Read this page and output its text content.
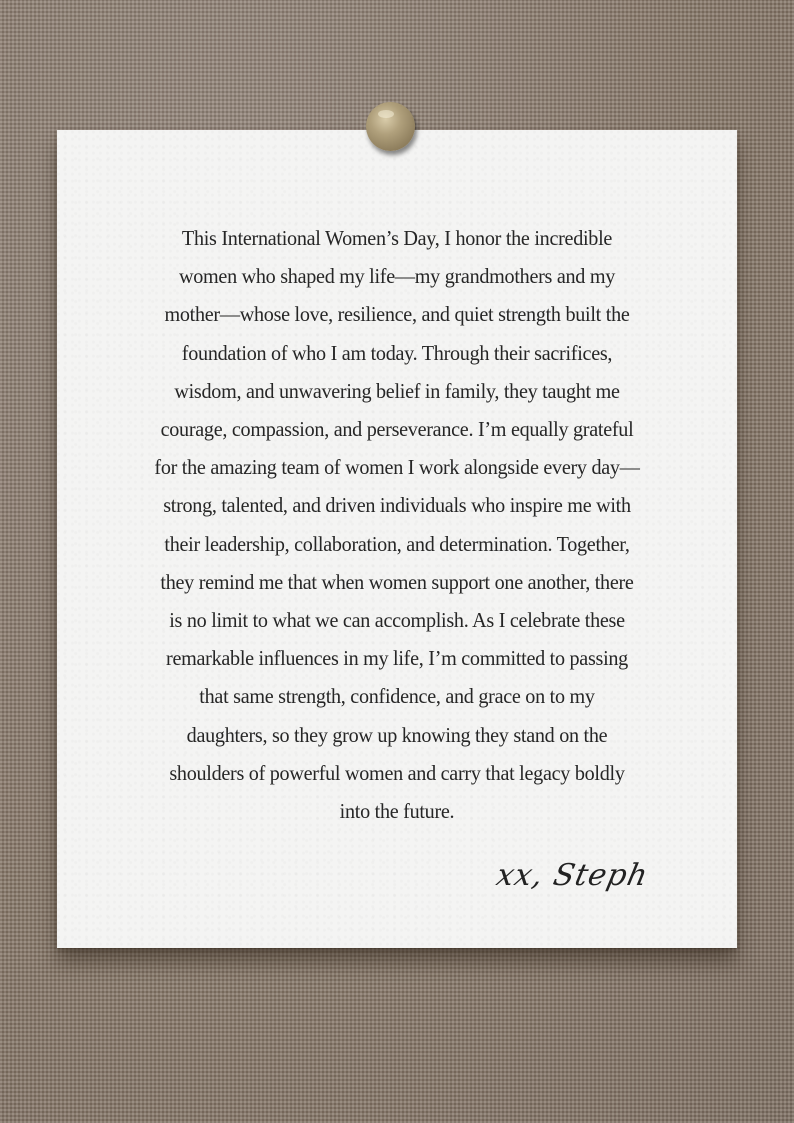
This International Women’s Day, I honor the incredible
women who shaped my life—my grandmothers and my
mother—whose love, resilience, and quiet strength built the
foundation of who I am today. Through their sacrifices,
wisdom, and unwavering belief in family, they taught me
courage, compassion, and perseverance. I’m equally grateful
for the amazing team of women I work alongside every day—
strong, talented, and driven individuals who inspire me with
their leadership, collaboration, and determination. Together,
they remind me that when women support one another, there
is no limit to what we can accomplish. As I celebrate these
remarkable influences in my life, I’m committed to passing
that same strength, confidence, and grace on to my
daughters, so they grow up knowing they stand on the
shoulders of powerful women and carry that legacy boldly
into the future.
xx, Steph
